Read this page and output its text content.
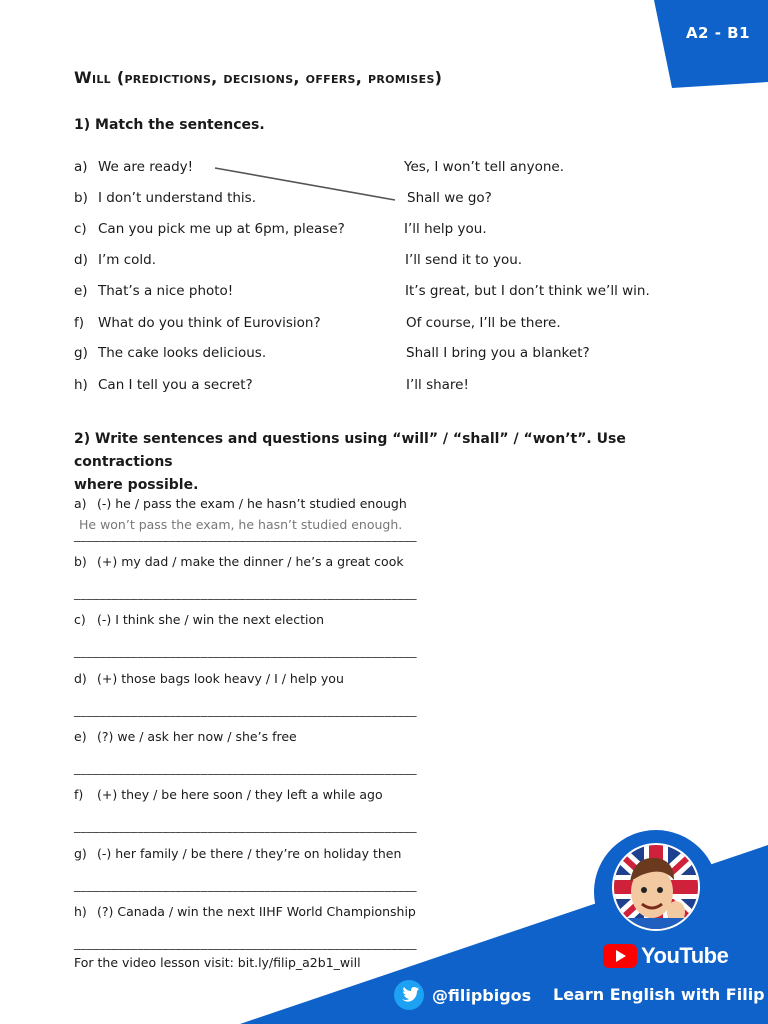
A2 - B1
Will (predictions, decisions, offers, promises)
1) Match the sentences.
a) We are ready!
b) I don’t understand this.
c) Can you pick me up at 6pm, please?
d) I’m cold.
e) That’s a nice photo!
f) What do you think of Eurovision?
g) The cake looks delicious.
h) Can I tell you a secret?
Yes, I won’t tell anyone.
Shall we go?
I’ll help you.
I’ll send it to you.
It’s great, but I don’t think we’ll win.
Of course, I’ll be there.
Shall I bring you a blanket?
I’ll share!
2) Write sentences and questions using “will” / “shall” / “won’t”. Use contractions
where possible.
a) (-) he / pass the exam / he hasn’t studied enough
He won’t pass the exam, he hasn’t studied enough.
______________________________________________________
b) (+) my dad / make the dinner / he’s a great cook
______________________________________________________
c) (-) I think she / win the next election
______________________________________________________
d) (+) those bags look heavy / I / help you
______________________________________________________
e) (?) we / ask her now / she’s free
______________________________________________________
f) (+) they / be here soon / they left a while ago
______________________________________________________
g) (-) her family / be there / they’re on holiday then
______________________________________________________
h) (?) Canada / win the next IIHF World Championship
______________________________________________________
For the video lesson visit: bit.ly/filip_a2b1_will	YouTube
@filipbigos Learn English with Filip
